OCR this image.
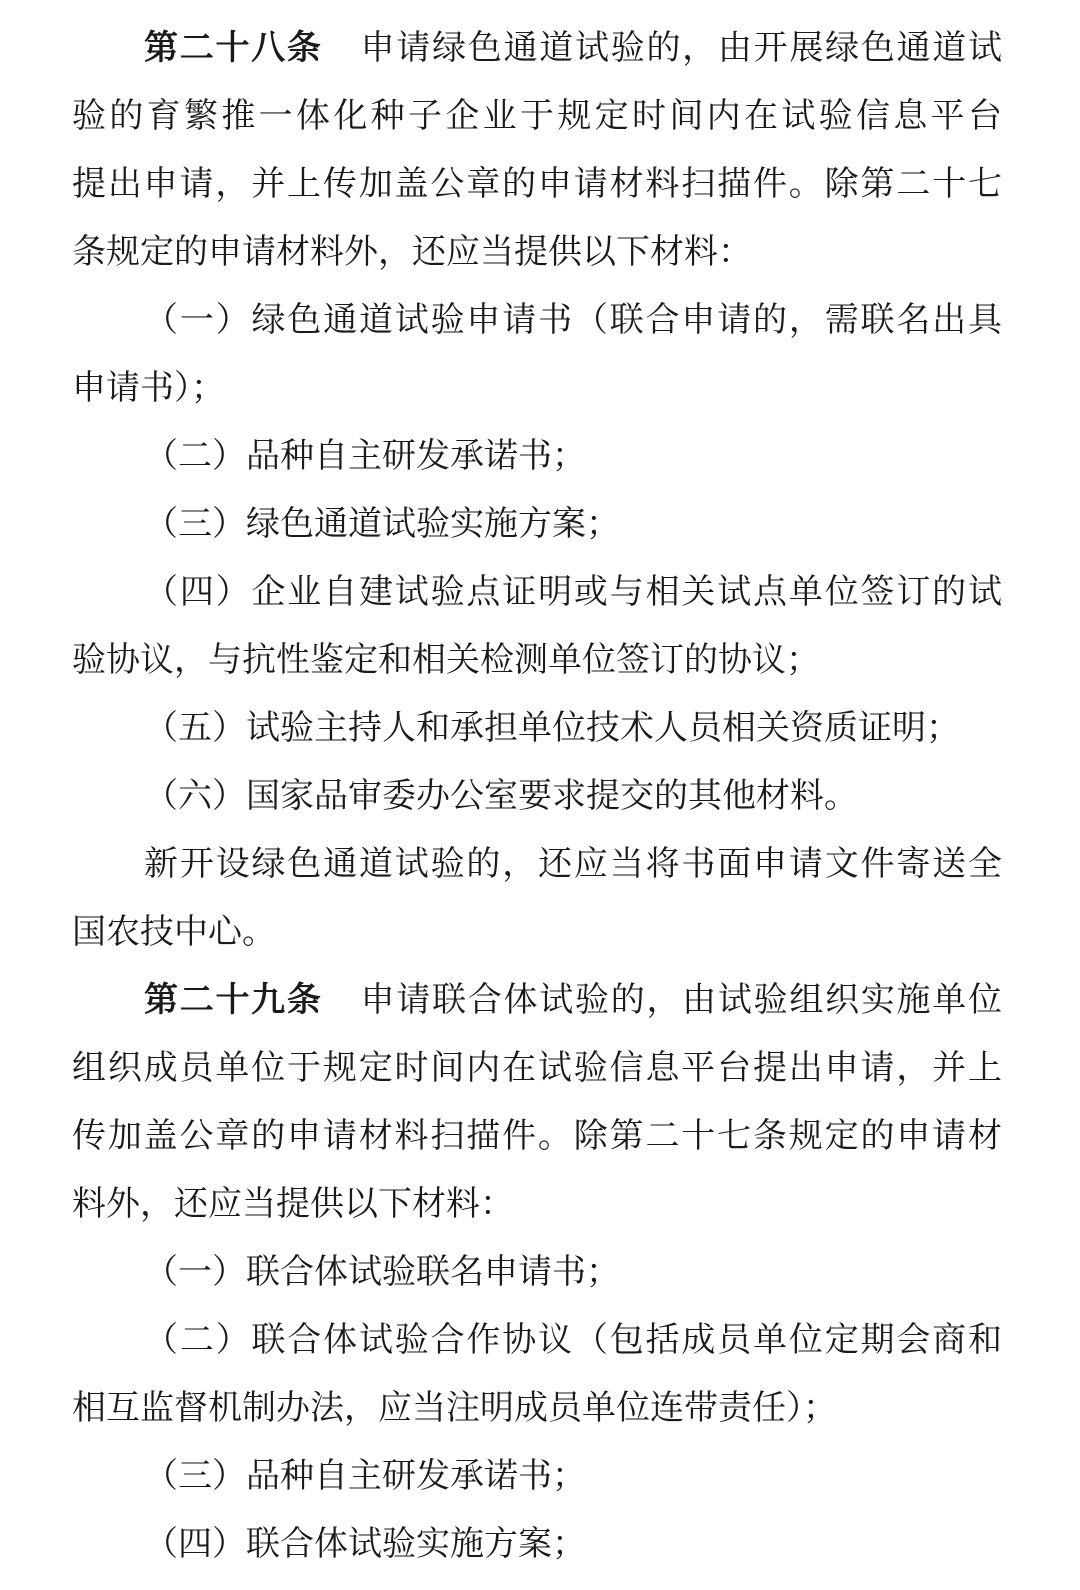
第二十八条 申请绿色通道试验的，由开展绿色通道试
验的育繁推一体化种子企业于规定时间内在试验信息平台
提出申请，并上传加盖公章的申请材料扫描件。除第二十七
条规定的申请材料外，还应当提供以下材料：
（一）绿色通道试验申请书（联合申请的，需联名出具
申请书）；
（二）品种自主研发承诺书；
（三）绿色通道试验实施方案；
（四）企业自建试验点证明或与相关试点单位签订的试
验协议，与抗性鉴定和相关检测单位签订的协议；
（五）试验主持人和承担单位技术人员相关资质证明；
（六）国家品审委办公室要求提交的其他材料。
新开设绿色通道试验的，还应当将书面申请文件寄送全
国农技中心。
第二十九条 申请联合体试验的，由试验组织实施单位
组织成员单位于规定时间内在试验信息平台提出申请，并上
传加盖公章的申请材料扫描件。除第二十七条规定的申请材
料外，还应当提供以下材料：
（一）联合体试验联名申请书；
（二）联合体试验合作协议（包括成员单位定期会商和
相互监督机制办法，应当注明成员单位连带责任）；
（三）品种自主研发承诺书；
（四）联合体试验实施方案；
